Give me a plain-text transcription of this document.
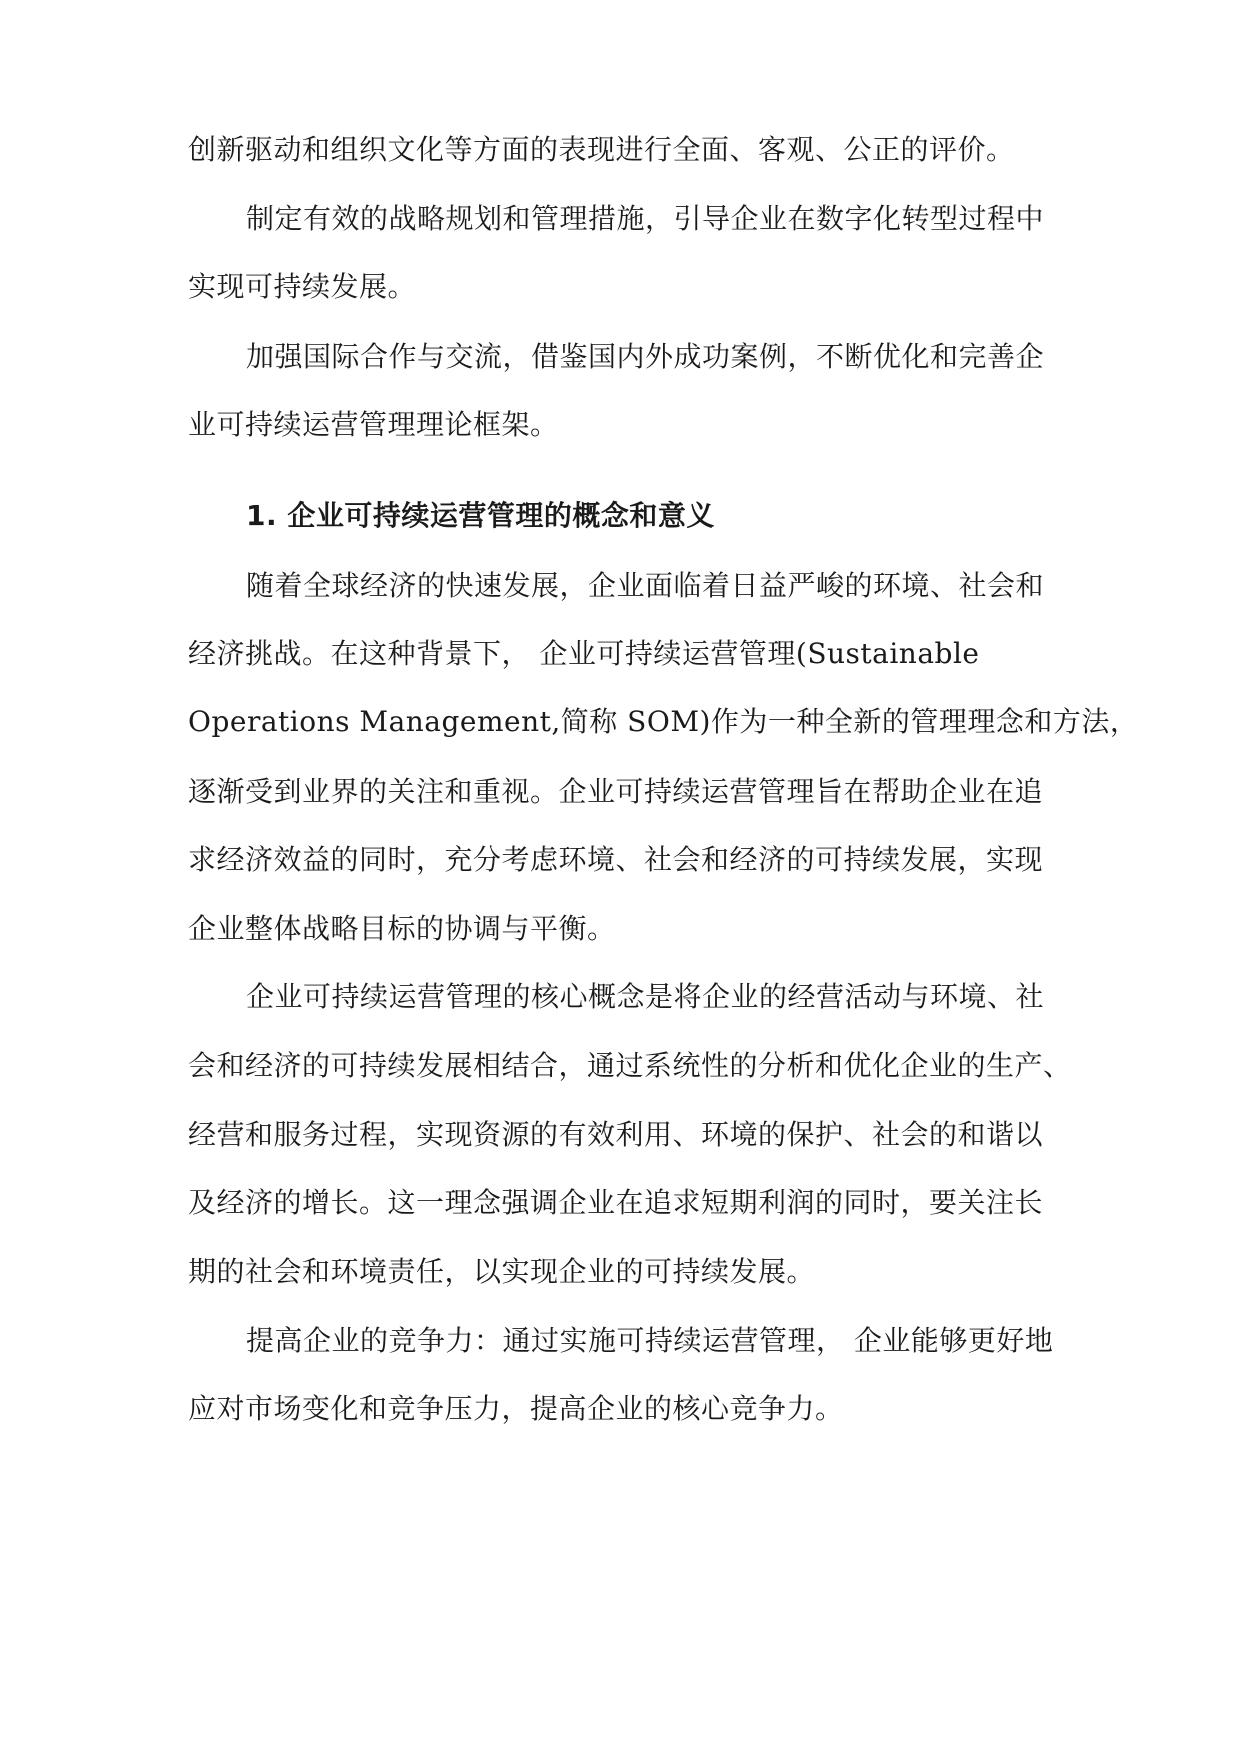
创新驱动和组织文化等方面的表现进行全面、客观、公正的评价。
制定有效的战略规划和管理措施，引导企业在数字化转型过程中
实现可持续发展。
加强国际合作与交流，借鉴国内外成功案例，不断优化和完善企
业可持续运营管理理论框架。
1. 企业可持续运营管理的概念和意义
随着全球经济的快速发展，企业面临着日益严峻的环境、社会和
经济挑战。在这种背景下， 企业可持续运营管理(Sustainable
Operations Management,简称 SOM)作为一种全新的管理理念和方法，
逐渐受到业界的关注和重视。企业可持续运营管理旨在帮助企业在追
求经济效益的同时，充分考虑环境、社会和经济的可持续发展，实现
企业整体战略目标的协调与平衡。
企业可持续运营管理的核心概念是将企业的经营活动与环境、社
会和经济的可持续发展相结合，通过系统性的分析和优化企业的生产、
经营和服务过程，实现资源的有效利用、环境的保护、社会的和谐以
及经济的增长。这一理念强调企业在追求短期利润的同时，要关注长
期的社会和环境责任，以实现企业的可持续发展。
提高企业的竞争力：通过实施可持续运营管理， 企业能够更好地
应对市场变化和竞争压力，提高企业的核心竞争力。
